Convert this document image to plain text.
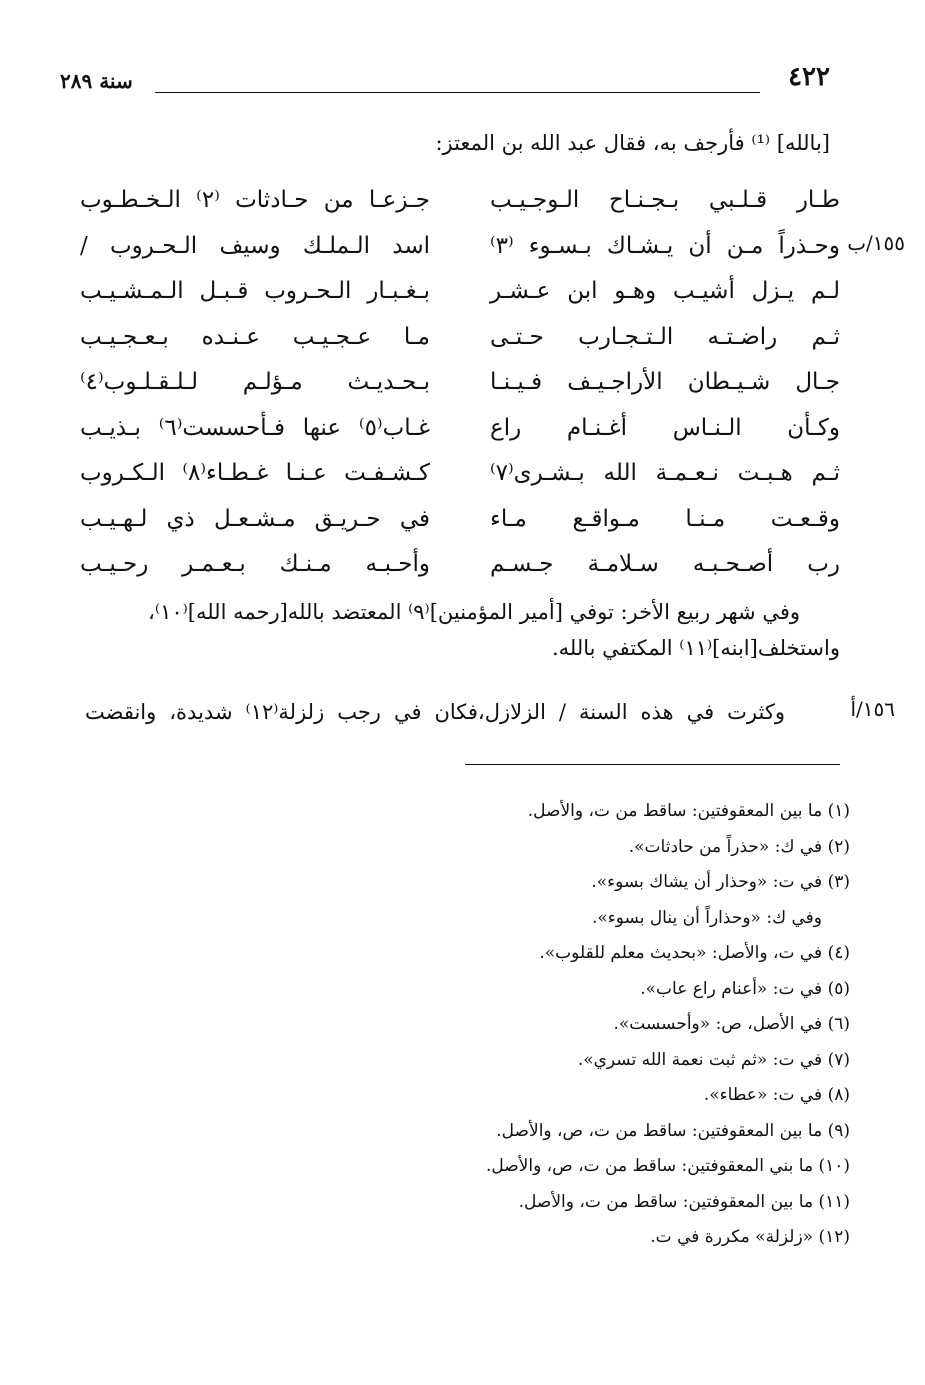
٤٢٢
سنة ٢٨٩
[بالله] ⁽¹⁾ فأرجف به، فقال عبد الله بن المعتز:
طـار قـلـبي بـجـنـاح الـوجـيـب
جـزعـا من حـادثات ⁽٢⁾ الـخـطـوب
وحـذراً مـن أن يـشـاك بـسـوء ⁽٣⁾
اسد الـملـك وسيف الـحـروب /
لـم يـزل أشيـب وهـو ابن عـشـر
بـغـبـار الـحـروب قـبـل الـمـشـيـب
ثـم راضـتـه الـتـجـارب حـتـى
مـا عـجـيـب عـنـده بـعـجـيـب
جـال شـيـطان الأراجـيـف فـيـنـا
بـحـديـث مـؤلـم لـلـقـلـوب⁽٤⁾
وكـأن الـنـاس أغـنـام راع
غـاب⁽٥⁾ عنها فـأحسست⁽٦⁾ بـذيـب
ثـم هـبـت نـعـمـة الله بـشـرى⁽٧⁾
كـشـفـت عـنـا غـطـاء⁽٨⁾ الـكـروب
وقـعـت مـنـا مـواقـع مـاء
في حـريـق مـشـعـل ذي لـهـيـب
رب أصـحـبـه سـلامـة جـسـم
وأحـبـه مـنـك بـعـمـر رحـيـب
١٥٥/ب

وفي شهر ربيع الأخر: توفي [أمير المؤمنين]⁽٩⁾ المعتضد بالله[رحمه الله]⁽١٠⁾،

واستخلف[ابنه]⁽١١⁾ المكتفي بالله.

١٥٦/أ
وكثرت في هذه السنة / الزلازل،فكان في رجب زلزلة⁽١٢⁾ شديدة، وانقضت
(١) ما بين المعقوفتين: ساقط من ت، والأصل.
(٢) في ك: «حذراً من حادثات».
(٣) في ت: «وحذار أن يشاك بسوء».
وفي ك: «وحذاراً أن ينال بسوء».
(٤) في ت، والأصل: «بحديث معلم للقلوب».
(٥) في ت: «أعنام راع عاب».
(٦) في الأصل، ص: «وأحسست».
(٧) في ت: «ثم ثبت نعمة الله تسري».
(٨) في ت: «عطاء».
(٩) ما بين المعقوفتين: ساقط من ت، ص، والأصل.
(١٠) ما بني المعقوفتين: ساقط من ت، ص، والأصل.
(١١) ما بين المعقوفتين: ساقط من ت، والأصل.
(١٢) «زلزلة» مكررة في ت.
